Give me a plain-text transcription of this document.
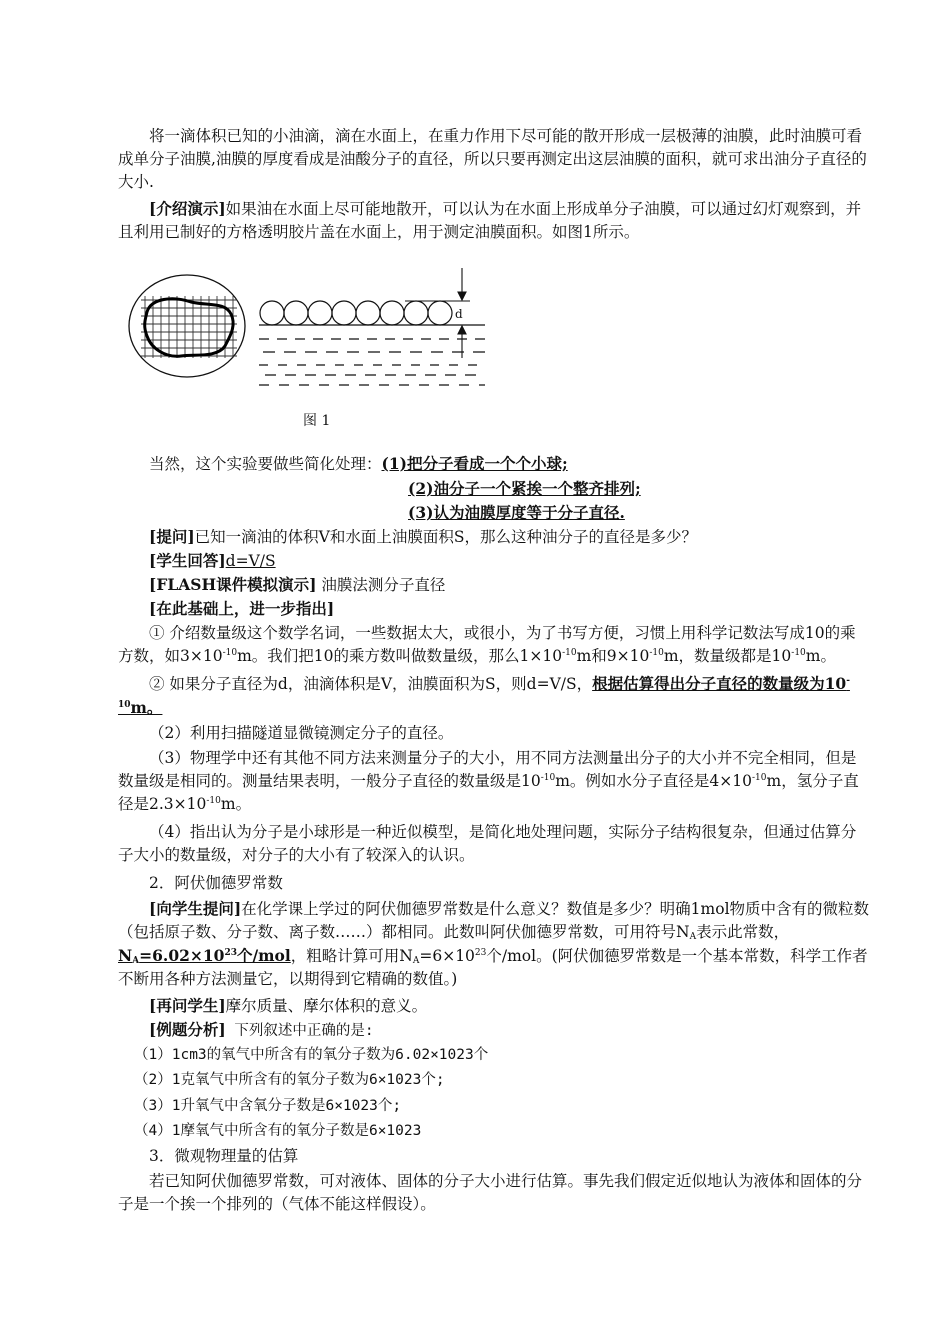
将一滴体积已知的小油滴，滴在水面上，在重力作用下尽可能的散开形成一层极薄的油膜，此时油膜可看成单分子油膜,油膜的厚度看成是油酸分子的直径，所以只要再测定出这层油膜的面积，就可求出油分子直径的大小.
[介绍演示]如果油在水面上尽可能地散开，可以认为在水面上形成单分子油膜，可以通过幻灯观察到，并且利用已制好的方格透明胶片盖在水面上，用于测定油膜面积。如图1所示。
d
图 1
当然，这个实验要做些简化处理：(1)把分子看成一个个小球;
(2)油分子一个紧挨一个整齐排列;
(3)认为油膜厚度等于分子直径.
[提问]已知一滴油的体积V和水面上油膜面积S，那么这种油分子的直径是多少？
[学生回答]d=V/S
[FLASH课件模拟演示] 油膜法测分子直径
[在此基础上，进一步指出]
① 介绍数量级这个数学名词，一些数据太大，或很小，为了书写方便，习惯上用科学记数法写成10的乘方数，如$3\times 10^{-10}m$。我们把10的乘方数叫做数量级，那么$1\times 10^{-10}m$和$9\times 10^{-10}m$，数量级都是$10^{-10}m$。
② 如果分子直径为d，油滴体积是V，油膜面积为S，则d=V/S，根据估算得出分子直径的数量级为$10^{-10}m$。
（2）利用扫描隧道显微镜测定分子的直径。
（3）物理学中还有其他不同方法来测量分子的大小，用不同方法测量出分子的大小并不完全相同，但是数量级是相同的。测量结果表明，一般分子直径的数量级是$10^{-10}m$。例如水分子直径是$4\times 10^{-10}m$，氢分子直径是$2.3\times 10^{-10}m$。
（4）指出认为分子是小球形是一种近似模型，是简化地处理问题，实际分子结构很复杂，但通过估算分子大小的数量级，对分子的大小有了较深入的认识。
2．阿伏伽德罗常数
[向学生提问]在化学课上学过的阿伏伽德罗常数是什么意义？数值是多少？明确1mol物质中含有的微粒数（包括原子数、分子数、离子数……）都相同。此数叫阿伏伽德罗常数，可用符号$N_A$表示此常数，$N_A=6.02\times 10^{23}$个/mol，粗略计算可用$N_A=6\times 10^{23}$个/mol。(阿伏伽德罗常数是一个基本常数，科学工作者不断用各种方法测量它，以期得到它精确的数值。)
[再问学生]摩尔质量、摩尔体积的意义。
[例题分析] 下列叙述中正确的是:
（1）1cm3的氧气中所含有的氧分子数为6.02×1023个
（2）1克氧气中所含有的氧分子数为6×1023个;
（3）1升氧气中含氧分子数是6×1023个;
（4）1摩氧气中所含有的氧分子数是6×1023
3．微观物理量的估算
若已知阿伏伽德罗常数，可对液体、固体的分子大小进行估算。事先我们假定近似地认为液体和固体的分子是一个挨一个排列的（气体不能这样假设）。
